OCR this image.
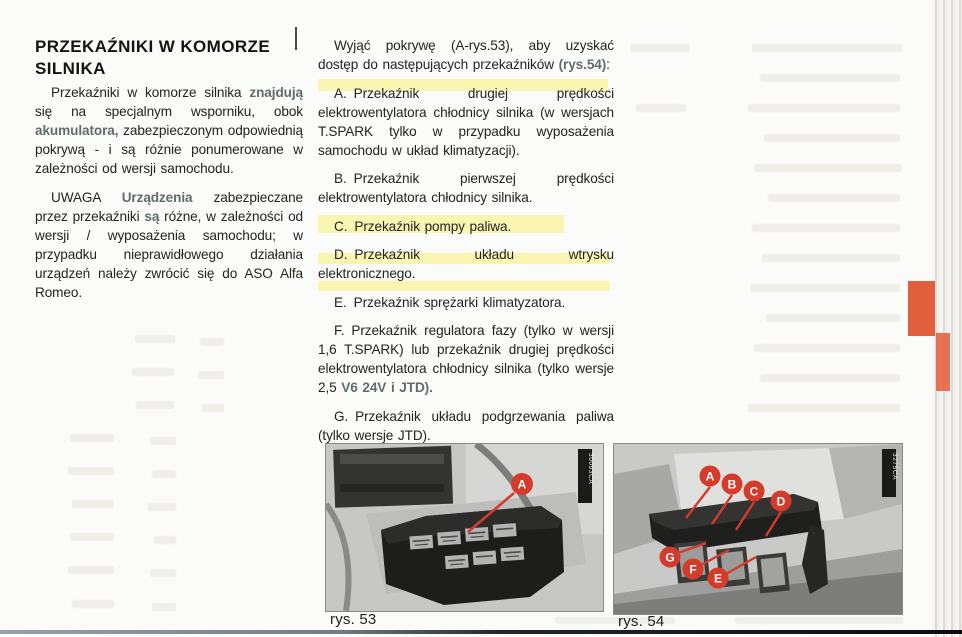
PRZEKAŹNIKI W KOMORZE SILNIKA

Przekaźniki w komorze silnika znajdują się na specjalnym wsporniku, obok akumulatora, zabezpieczonym odpowiednią pokrywą - i są różnie ponumerowane w zależności od wersji samochodu.

UWAGA Urządzenia zabezpieczane przez przekaźniki są różne, w zależności od wersji / wyposażenia samochodu; w przypadku nieprawidłowego działania urządzeń należy zwrócić się do ASO Alfa Romeo.

Wyjąć pokrywę (A-rys.53), aby uzyskać dostęp do następujących przekaźników (rys.54):

A. Przekaźnik drugiej prędkości elektrowentylatora chłodnicy silnika (w wersjach T.SPARK tylko w przypadku wyposażenia samochodu w układ klimatyzacji).

B. Przekaźnik pierwszej prędkości elektrowentylatora chłodnicy silnika.

C. Przekaźnik pompy paliwa.

D. Przekaźnik układu wtrysku elektronicznego.

E. Przekaźnik sprężarki klimatyzatora.

F. Przekaźnik regulatora fazy (tylko w wersji 1,6 T.SPARK) lub przekaźnik drugiej prędkości elektrowentylatora chłodnicy silnika (tylko wersje 2,5 V6 24V i JTD).

G. Przekaźnik układu podgrzewania paliwa (tylko wersje JTD).

A
30093CA
rys. 53
A
B C
D
G
F
E
3275CA
rys. 54
